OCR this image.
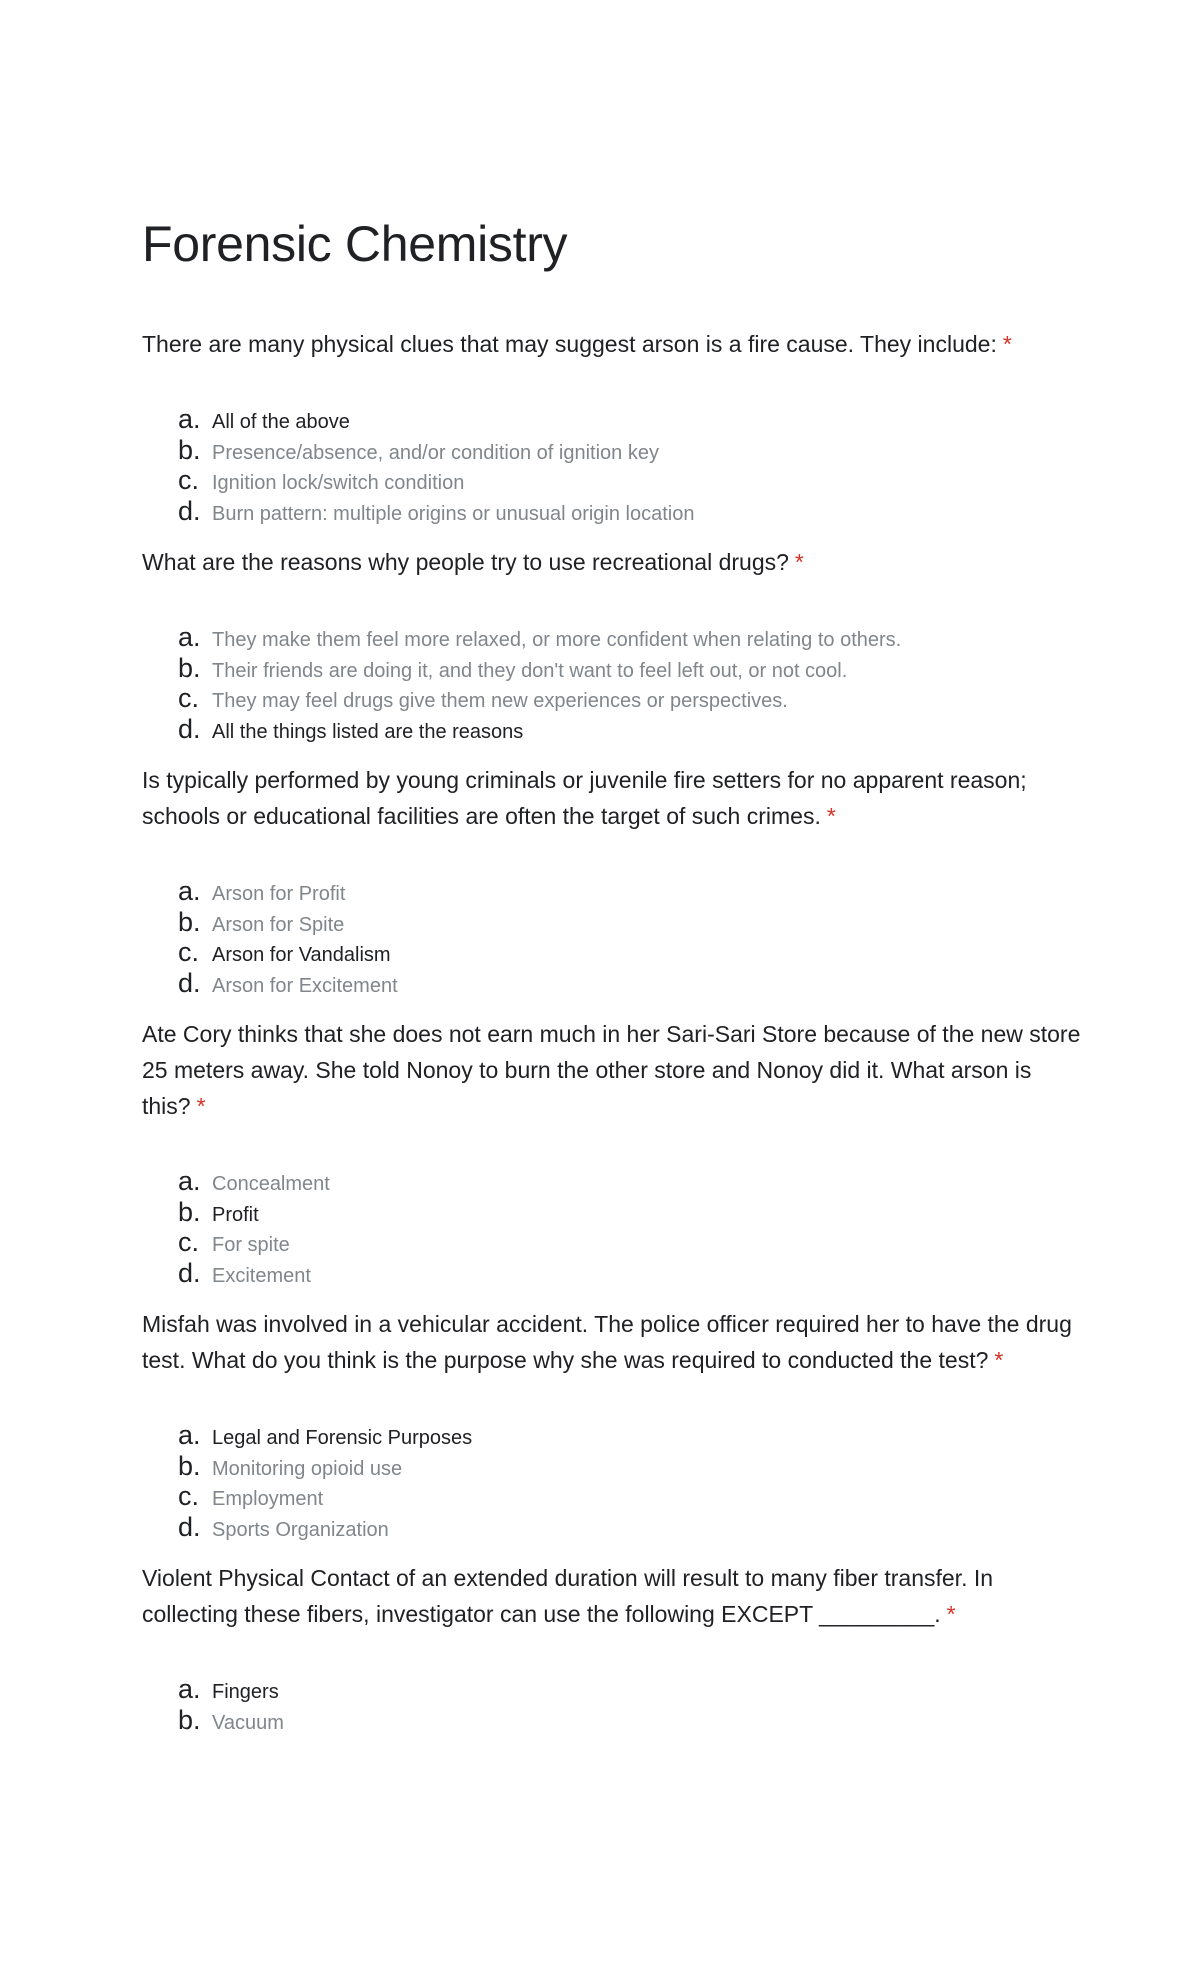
Forensic Chemistry

There are many physical clues that may suggest arson is a fire cause. They include: *

a. All of the above
b. Presence/absence, and/or condition of ignition key
c. Ignition lock/switch condition
d. Burn pattern: multiple origins or unusual origin location

What are the reasons why people try to use recreational drugs? *

a. They make them feel more relaxed, or more confident when relating to others.
b. Their friends are doing it, and they don't want to feel left out, or not cool.
c. They may feel drugs give them new experiences or perspectives.
d. All the things listed are the reasons

Is typically performed by young criminals or juvenile fire setters for no apparent reason; schools or educational facilities are often the target of such crimes. *

a. Arson for Profit
b. Arson for Spite
c. Arson for Vandalism
d. Arson for Excitement

Ate Cory thinks that she does not earn much in her Sari-Sari Store because of the new store 25 meters away. She told Nonoy to burn the other store and Nonoy did it. What arson is this? *

a. Concealment
b. Profit
c. For spite
d. Excitement

Misfah was involved in a vehicular accident. The police officer required her to have the drug test. What do you think is the purpose why she was required to conducted the test? *

a. Legal and Forensic Purposes
b. Monitoring opioid use
c. Employment
d. Sports Organization

Violent Physical Contact of an extended duration will result to many fiber transfer. In collecting these fibers, investigator can use the following EXCEPT _________. *

a. Fingers
b. Vacuum
